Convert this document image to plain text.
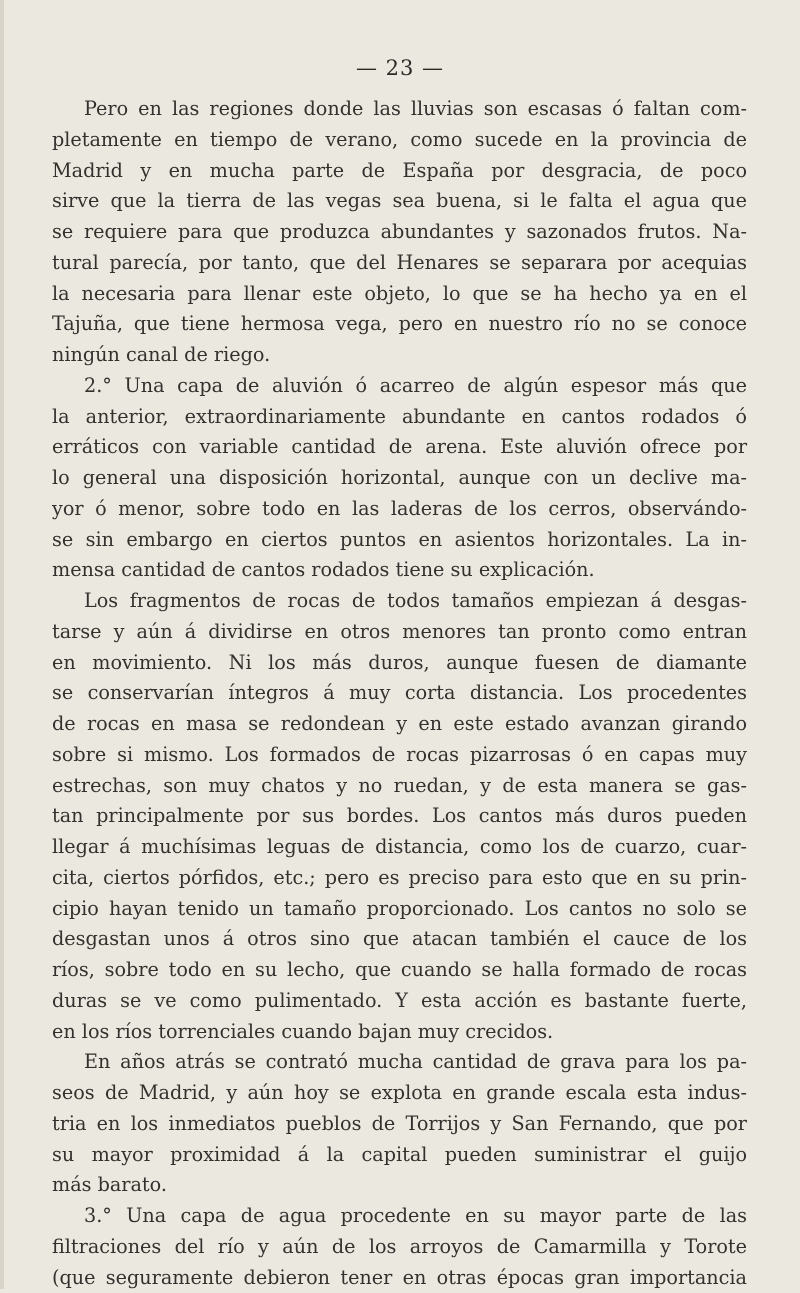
— 23 —
Pero en las regiones donde las lluvias son escasas ó faltan com-
pletamente en tiempo de verano, como sucede en la provincia de
Madrid y en mucha parte de España por desgracia, de poco
sirve que la tierra de las vegas sea buena, si le falta el agua que
se requiere para que produzca abundantes y sazonados frutos. Na-
tural parecía, por tanto, que del Henares se separara por acequias
la necesaria para llenar este objeto, lo que se ha hecho ya en el
Tajuña, que tiene hermosa vega, pero en nuestro río no se conoce
ningún canal de riego.
2.° Una capa de aluvión ó acarreo de algún espesor más que
la anterior, extraordinariamente abundante en cantos rodados ó
erráticos con variable cantidad de arena. Este aluvión ofrece por
lo general una disposición horizontal, aunque con un declive ma-
yor ó menor, sobre todo en las laderas de los cerros, observándo-
se sin embargo en ciertos puntos en asientos horizontales. La in-
mensa cantidad de cantos rodados tiene su explicación.
Los fragmentos de rocas de todos tamaños empiezan á desgas-
tarse y aún á dividirse en otros menores tan pronto como entran
en movimiento. Ni los más duros, aunque fuesen de diamante
se conservarían íntegros á muy corta distancia. Los procedentes
de rocas en masa se redondean y en este estado avanzan girando
sobre si mismo. Los formados de rocas pizarrosas ó en capas muy
estrechas, son muy chatos y no ruedan, y de esta manera se gas-
tan principalmente por sus bordes. Los cantos más duros pueden
llegar á muchísimas leguas de distancia, como los de cuarzo, cuar-
cita, ciertos pórfidos, etc.; pero es preciso para esto que en su prin-
cipio hayan tenido un tamaño proporcionado. Los cantos no solo se
desgastan unos á otros sino que atacan también el cauce de los
ríos, sobre todo en su lecho, que cuando se halla formado de rocas
duras se ve como pulimentado. Y esta acción es bastante fuerte,
en los ríos torrenciales cuando bajan muy crecidos.
En años atrás se contrató mucha cantidad de grava para los pa-
seos de Madrid, y aún hoy se explota en grande escala esta indus-
tria en los inmediatos pueblos de Torrijos y San Fernando, que por
su mayor proximidad á la capital pueden suministrar el guijo
más barato.
3.° Una capa de agua procedente en su mayor parte de las
filtraciones del río y aún de los arroyos de Camarmilla y Torote
(que seguramente debieron tener en otras épocas gran importancia
